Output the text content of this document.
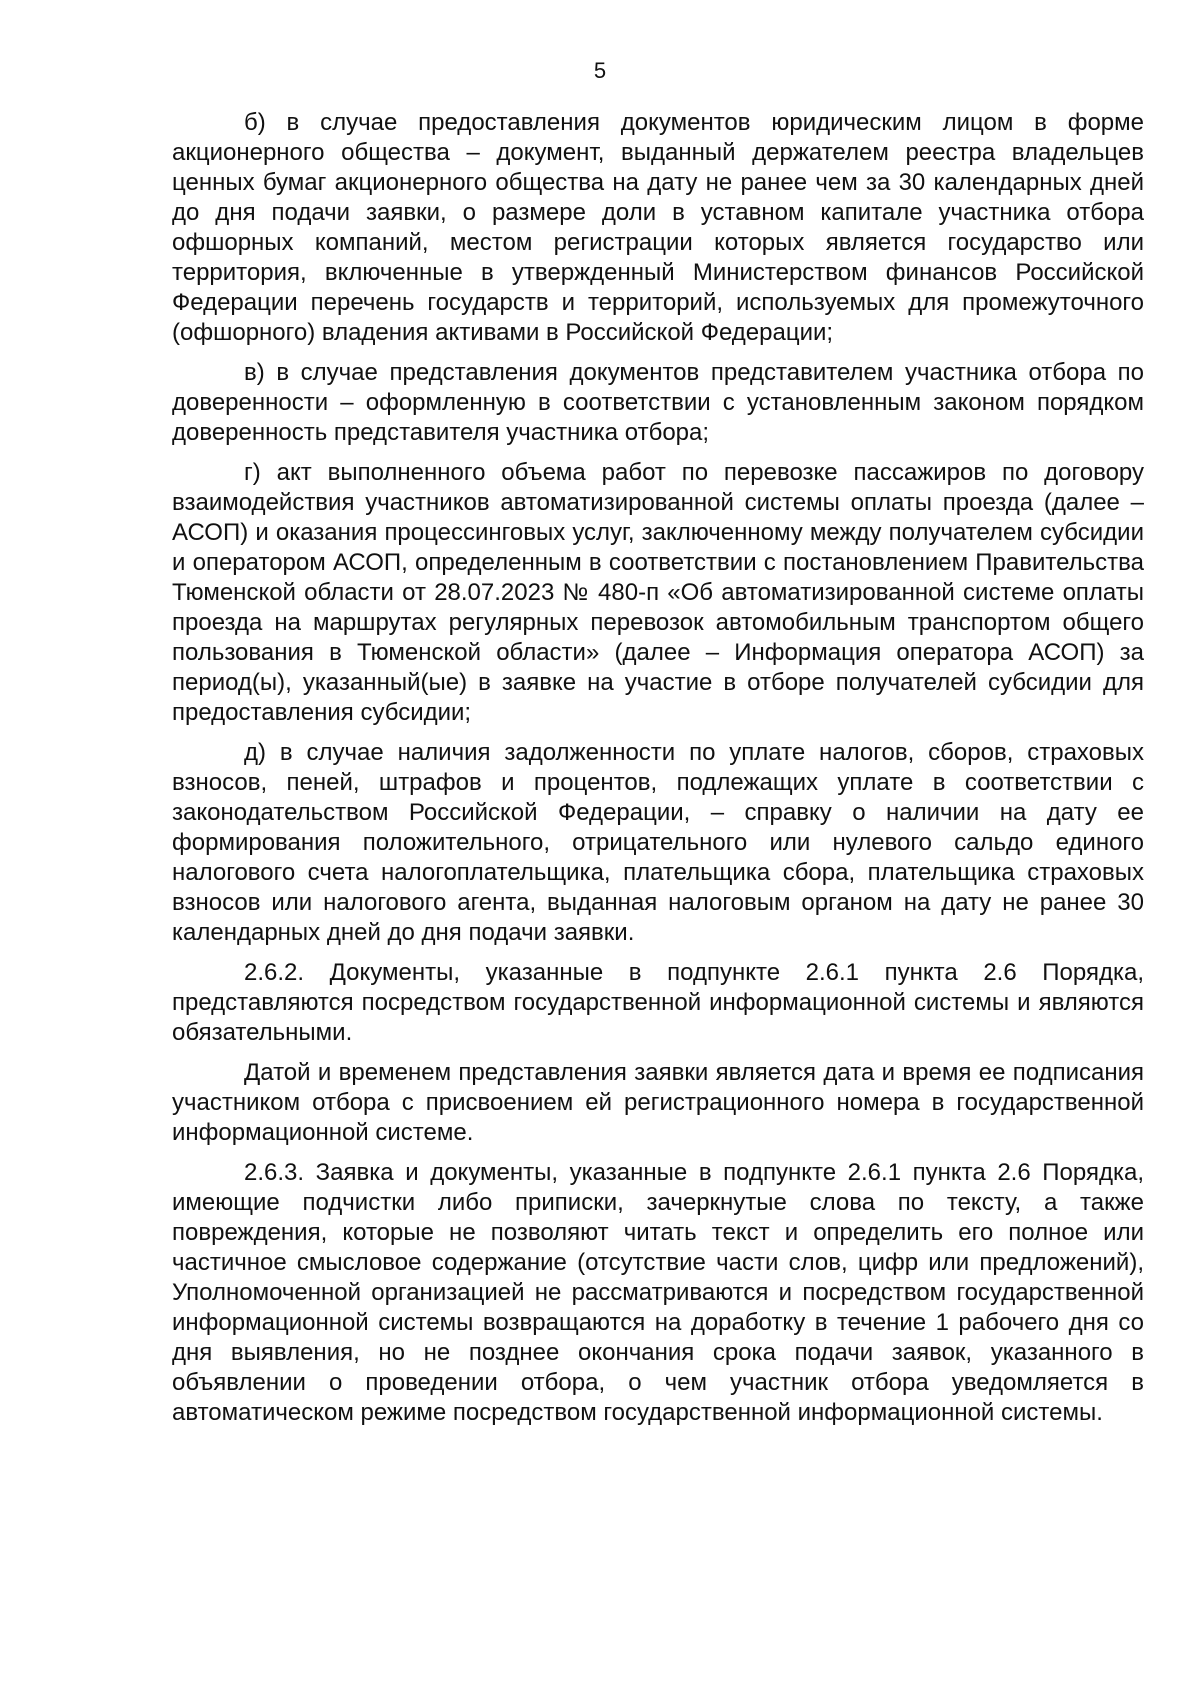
5

б) в случае предоставления документов юридическим лицом в форме акционерного общества – документ, выданный держателем реестра владельцев ценных бумаг акционерного общества на дату не ранее чем за 30 календарных дней до дня подачи заявки, о размере доли в уставном капитале участника отбора офшорных компаний, местом регистрации которых является государство или территория, включенные в утвержденный Министерством финансов Российской Федерации перечень государств и территорий, используемых для промежуточного (офшорного) владения активами в Российской Федерации;

в) в случае представления документов представителем участника отбора по доверенности – оформленную в соответствии с установленным законом порядком доверенность представителя участника отбора;

г) акт выполненного объема работ по перевозке пассажиров по договору взаимодействия участников автоматизированной системы оплаты проезда (далее – АСОП) и оказания процессинговых услуг, заключенному между получателем субсидии и оператором АСОП, определенным в соответствии с постановлением Правительства Тюменской области от 28.07.2023 № 480-п «Об автоматизированной системе оплаты проезда на маршрутах регулярных перевозок автомобильным транспортом общего пользования в Тюменской области» (далее – Информация оператора АСОП) за период(ы), указанный(ые) в заявке на участие в отборе получателей субсидии для предоставления субсидии;

д) в случае наличия задолженности по уплате налогов, сборов, страховых взносов, пеней, штрафов и процентов, подлежащих уплате в соответствии с законодательством Российской Федерации, – справку о наличии на дату ее формирования положительного, отрицательного или нулевого сальдо единого налогового счета налогоплательщика, плательщика сбора, плательщика страховых взносов или налогового агента, выданная налоговым органом на дату не ранее 30 календарных дней до дня подачи заявки.

2.6.2. Документы, указанные в подпункте 2.6.1 пункта 2.6 Порядка, представляются посредством государственной информационной системы и являются обязательными.

Датой и временем представления заявки является дата и время ее подписания участником отбора с присвоением ей регистрационного номера в государственной информационной системе.

2.6.3. Заявка и документы, указанные в подпункте 2.6.1 пункта 2.6 Порядка, имеющие подчистки либо приписки, зачеркнутые слова по тексту, а также повреждения, которые не позволяют читать текст и определить его полное или частичное смысловое содержание (отсутствие части слов, цифр или предложений), Уполномоченной организацией не рассматриваются и посредством государственной информационной системы возвращаются на доработку в течение 1 рабочего дня со дня выявления, но не позднее окончания срока подачи заявок, указанного в объявлении о проведении отбора, о чем участник отбора уведомляется в автоматическом режиме посредством государственной информационной системы.
